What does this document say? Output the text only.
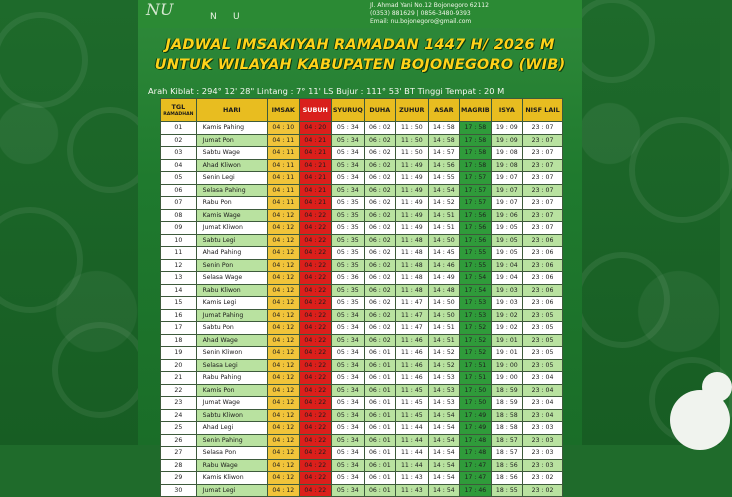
NU	N U
Jl. Ahmad Yani No.12 Bojonegoro 62112
(0353) 881629 | 0856-3480-9393
Email: nu.bojonegoro@gmail.com
JADWAL IMSAKIYAH RAMADAN 1447 H/ 2026 M
UNTUK WILAYAH KABUPATEN BOJONEGORO (WIB)
Arah Kiblat : 294° 12' 28" Lintang : 7° 11' LS Bujur : 111° 53' BT Tinggi Tempat : 20 M
TGL
RAMADHAN	HARI	IMSAK	SUBUH	SYURUQ	DUHA	ZUHUR	ASAR	MAGRIB	ISYA	NISF LAIL
01	Kamis Pahing	04 : 10	04 : 20	05 : 34	06 : 02	11 : 50	14 : 58	17 : 58	19 : 09	23 : 07
02	Jumat Pon	04 : 11	04 : 21	05 : 34	06 : 02	11 : 50	14 : 58	17 : 58	19 : 09	23 : 07
03	Sabtu Wage	04 : 11	04 : 21	05 : 34	06 : 02	11 : 50	14 : 57	17 : 58	19 : 08	23 : 07
04	Ahad Kliwon	04 : 11	04 : 21	05 : 34	06 : 02	11 : 49	14 : 56	17 : 58	19 : 08	23 : 07
05	Senin Legi	04 : 11	04 : 21	05 : 34	06 : 02	11 : 49	14 : 55	17 : 57	19 : 07	23 : 07
06	Selasa Pahing	04 : 11	04 : 21	05 : 34	06 : 02	11 : 49	14 : 54	17 : 57	19 : 07	23 : 07
07	Rabu Pon	04 : 11	04 : 21	05 : 35	06 : 02	11 : 49	14 : 52	17 : 57	19 : 07	23 : 07
08	Kamis Wage	04 : 12	04 : 22	05 : 35	06 : 02	11 : 49	14 : 51	17 : 56	19 : 06	23 : 07
09	Jumat Kliwon	04 : 12	04 : 22	05 : 35	06 : 02	11 : 49	14 : 51	17 : 56	19 : 05	23 : 07
10	Sabtu Legi	04 : 12	04 : 22	05 : 35	06 : 02	11 : 48	14 : 50	17 : 56	19 : 05	23 : 06
11	Ahad Pahing	04 : 12	04 : 22	05 : 35	06 : 02	11 : 48	14 : 45	17 : 55	19 : 05	23 : 06
12	Senin Pon	04 : 12	04 : 22	05 : 35	06 : 02	11 : 48	14 : 46	17 : 55	19 : 04	23 : 06
13	Selasa Wage	04 : 12	04 : 22	05 : 36	06 : 02	11 : 48	14 : 49	17 : 54	19 : 04	23 : 06
14	Rabu Kliwon	04 : 12	04 : 22	05 : 35	06 : 02	11 : 48	14 : 48	17 : 54	19 : 03	23 : 06
15	Kamis Legi	04 : 12	04 : 22	05 : 35	06 : 02	11 : 47	14 : 50	17 : 53	19 : 03	23 : 06
16	Jumat Pahing	04 : 12	04 : 22	05 : 34	06 : 02	11 : 47	14 : 50	17 : 53	19 : 02	23 : 05
17	Sabtu Pon	04 : 12	04 : 22	05 : 34	06 : 02	11 : 47	14 : 51	17 : 52	19 : 02	23 : 05
18	Ahad Wage	04 : 12	04 : 22	05 : 34	06 : 02	11 : 46	14 : 51	17 : 52	19 : 01	23 : 05
19	Senin Kliwon	04 : 12	04 : 22	05 : 34	06 : 01	11 : 46	14 : 52	17 : 52	19 : 01	23 : 05
20	Selasa Legi	04 : 12	04 : 22	05 : 34	06 : 01	11 : 46	14 : 52	17 : 51	19 : 00	23 : 05
21	Rabu Pahing	04 : 12	04 : 22	05 : 34	06 : 01	11 : 46	14 : 53	17 : 51	19 : 00	23 : 04
22	Kamis Pon	04 : 12	04 : 22	05 : 34	06 : 01	11 : 45	14 : 53	17 : 50	18 : 59	23 : 04
23	Jumat Wage	04 : 12	04 : 22	05 : 34	06 : 01	11 : 45	14 : 53	17 : 50	18 : 59	23 : 04
24	Sabtu Kliwon	04 : 12	04 : 22	05 : 34	06 : 01	11 : 45	14 : 54	17 : 49	18 : 58	23 : 04
25	Ahad Legi	04 : 12	04 : 22	05 : 34	06 : 01	11 : 44	14 : 54	17 : 49	18 : 58	23 : 03
26	Senin Pahing	04 : 12	04 : 22	05 : 34	06 : 01	11 : 44	14 : 54	17 : 48	18 : 57	23 : 03
27	Selasa Pon	04 : 12	04 : 22	05 : 34	06 : 01	11 : 44	14 : 54	17 : 48	18 : 57	23 : 03
28	Rabu Wage	04 : 12	04 : 22	05 : 34	06 : 01	11 : 44	14 : 54	17 : 47	18 : 56	23 : 03
29	Kamis Kliwon	04 : 12	04 : 22	05 : 34	06 : 01	11 : 43	14 : 54	17 : 47	18 : 56	23 : 02
30	Jumat Legi	04 : 12	04 : 22	05 : 34	06 : 01	11 : 43	14 : 54	17 : 46	18 : 55	23 : 02
